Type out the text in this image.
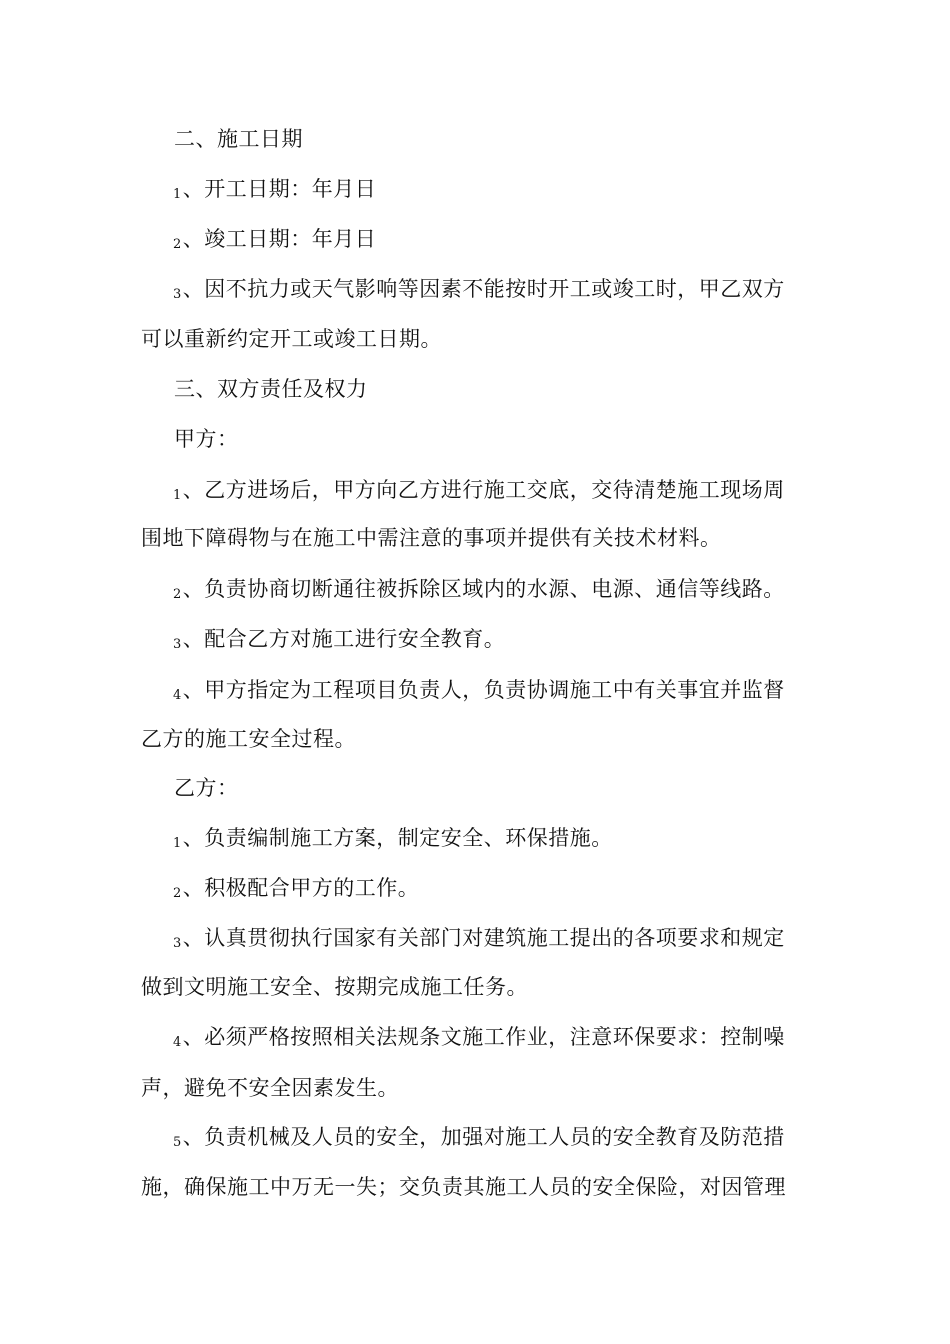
二、施工日期
1、开工日期：年月日
2、竣工日期：年月日
3、因不抗力或天气影响等因素不能按时开工或竣工时，甲乙双方
可以重新约定开工或竣工日期。
三、双方责任及权力
甲方：
1、乙方进场后，甲方向乙方进行施工交底，交待清楚施工现场周
围地下障碍物与在施工中需注意的事项并提供有关技术材料。
2、负责协商切断通往被拆除区域内的水源、电源、通信等线路。
3、配合乙方对施工进行安全教育。
4、甲方指定为工程项目负责人，负责协调施工中有关事宜并监督
乙方的施工安全过程。
乙方：
1、负责编制施工方案，制定安全、环保措施。
2、积极配合甲方的工作。
3、认真贯彻执行国家有关部门对建筑施工提出的各项要求和规定
做到文明施工安全、按期完成施工任务。
4、必须严格按照相关法规条文施工作业，注意环保要求：控制噪
声，避免不安全因素发生。
5、负责机械及人员的安全，加强对施工人员的安全教育及防范措
施，确保施工中万无一失；交负责其施工人员的安全保险，对因管理
